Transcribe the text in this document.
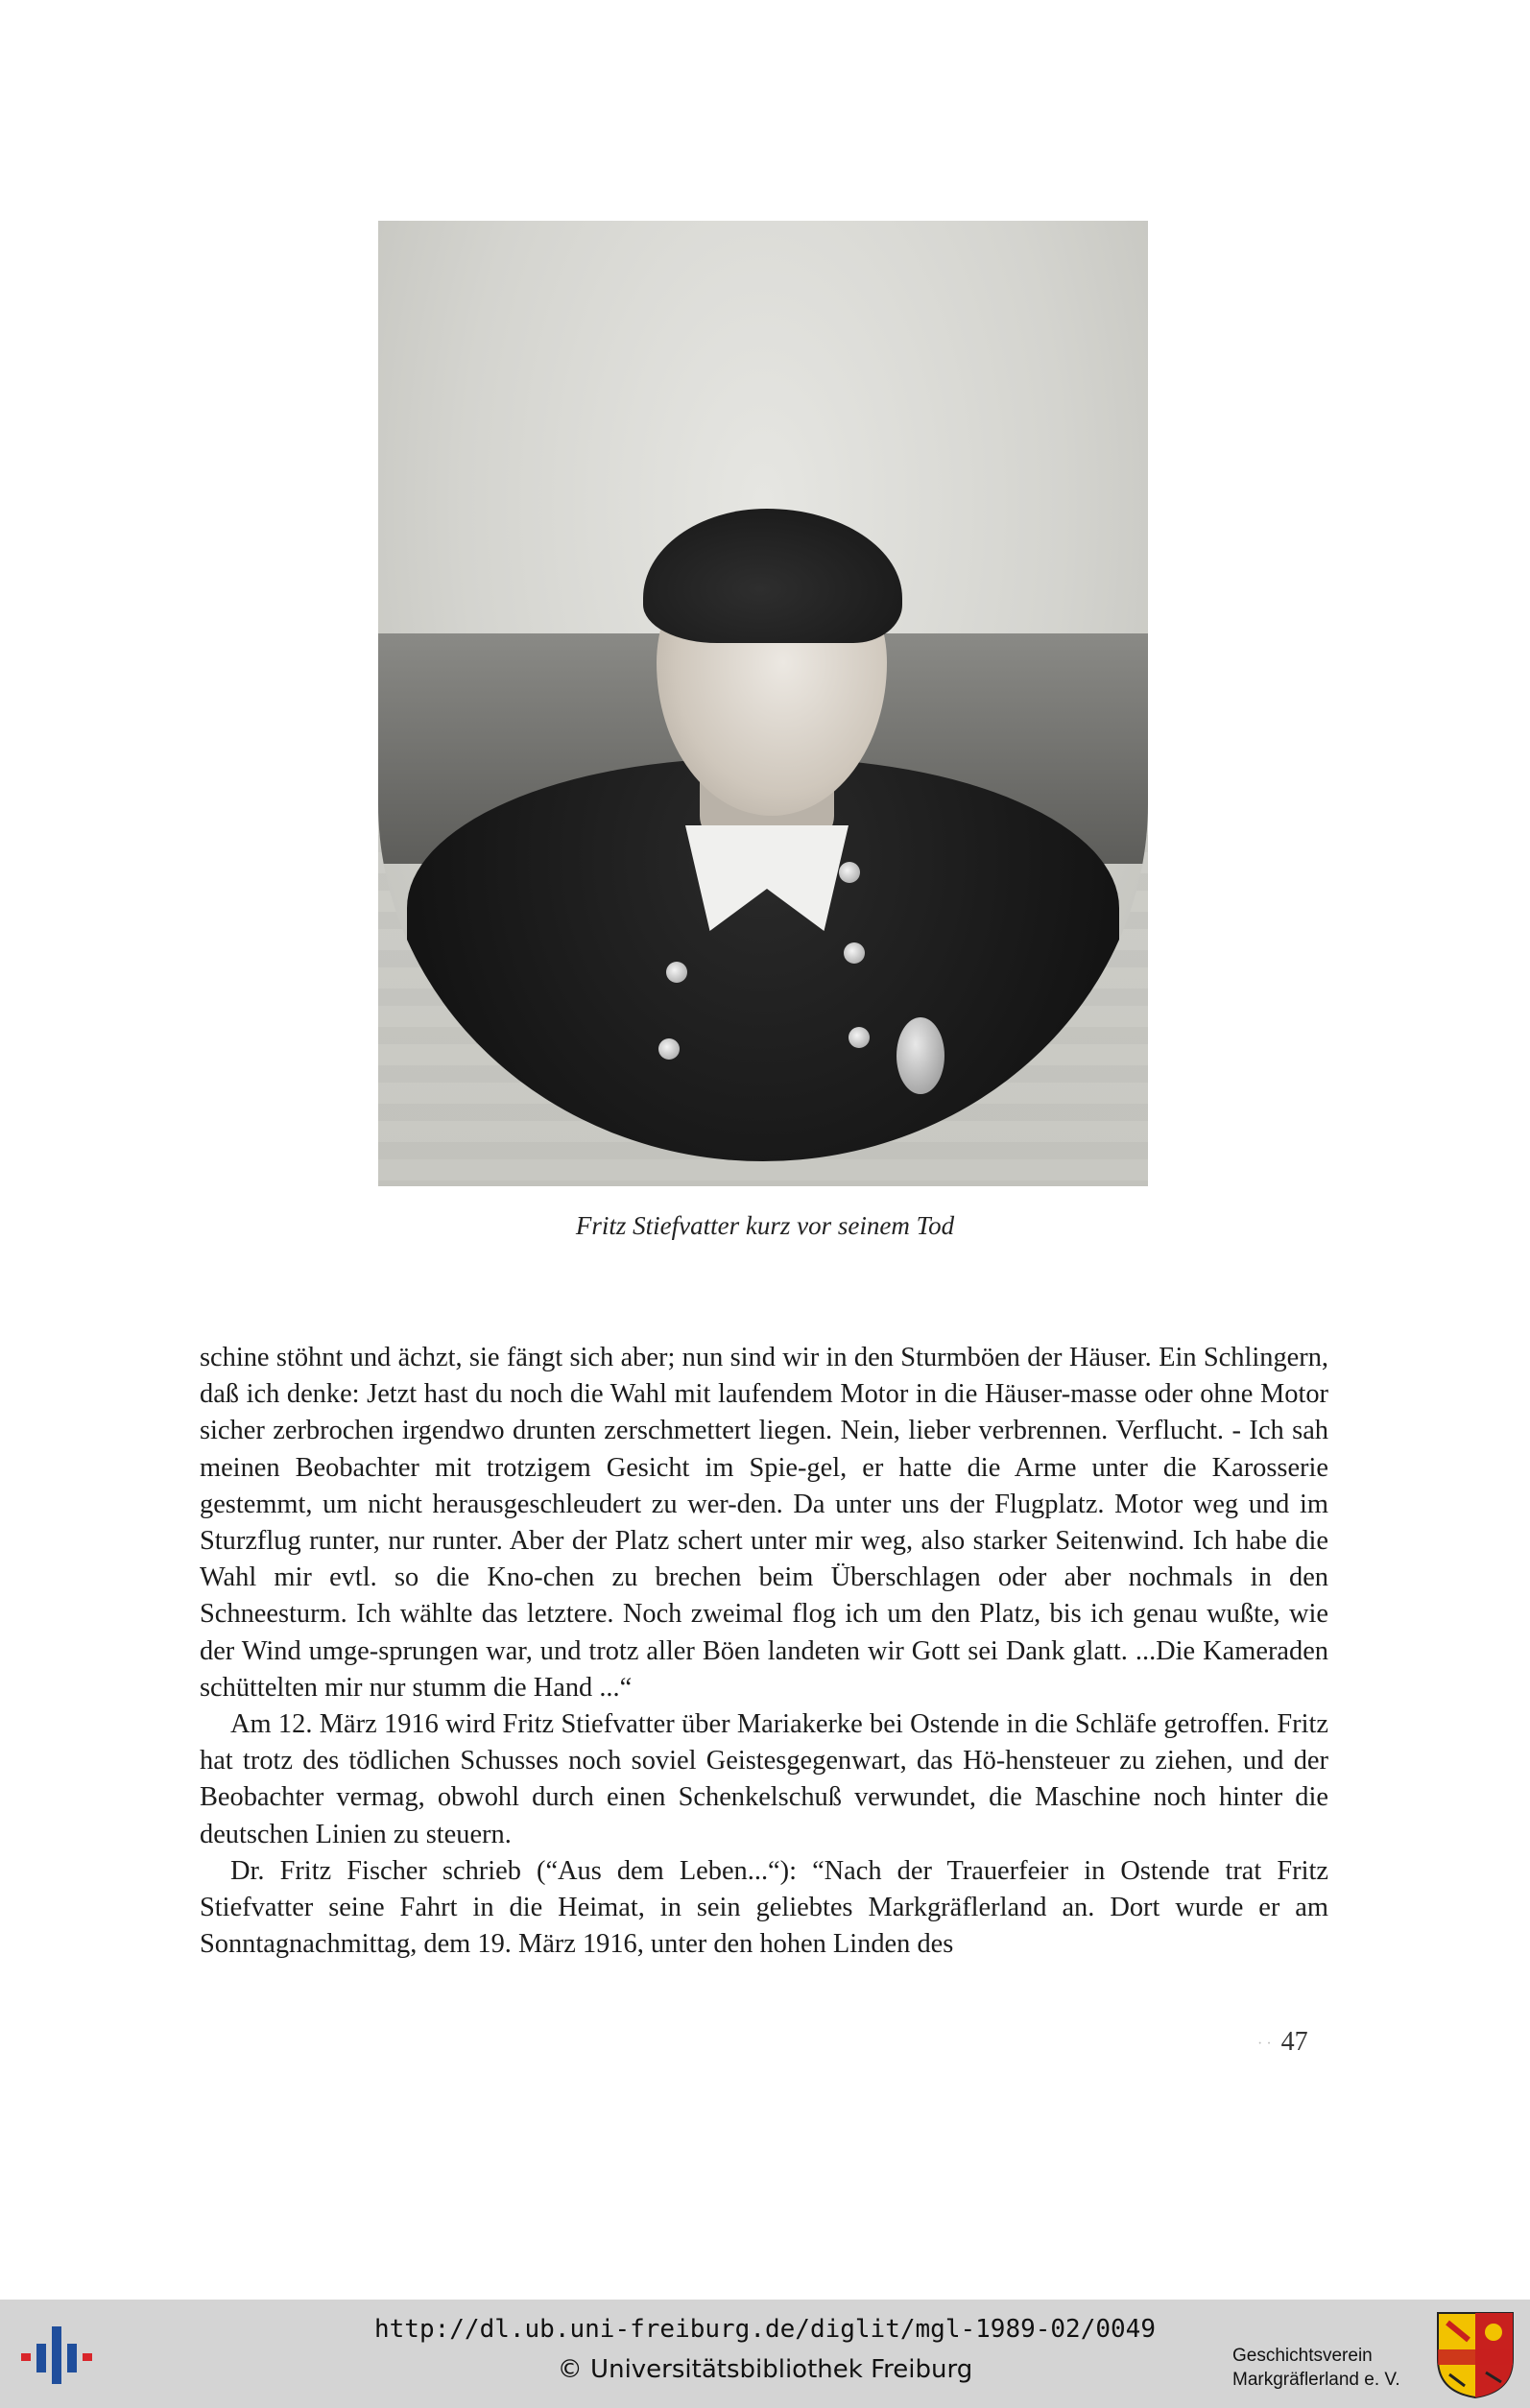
Fritz Stiefvatter kurz vor seinem Tod

schine stöhnt und ächzt, sie fängt sich aber; nun sind wir in den Sturmböen der Häuser. Ein Schlingern, daß ich denke: Jetzt hast du noch die Wahl mit laufendem Motor in die Häuser-masse oder ohne Motor sicher zerbrochen irgendwo drunten zerschmettert liegen. Nein, lieber verbrennen. Verflucht. - Ich sah meinen Beobachter mit trotzigem Gesicht im Spie-gel, er hatte die Arme unter die Karosserie gestemmt, um nicht herausgeschleudert zu wer-den. Da unter uns der Flugplatz. Motor weg und im Sturzflug runter, nur runter. Aber der Platz schert unter mir weg, also starker Seitenwind. Ich habe die Wahl mir evtl. so die Kno-chen zu brechen beim Überschlagen oder aber nochmals in den Schneesturm. Ich wählte das letztere. Noch zweimal flog ich um den Platz, bis ich genau wußte, wie der Wind umge-sprungen war, und trotz aller Böen landeten wir Gott sei Dank glatt. ...Die Kameraden schüttelten mir nur stumm die Hand ...“

Am 12. März 1916 wird Fritz Stiefvatter über Mariakerke bei Ostende in die Schläfe getroffen. Fritz hat trotz des tödlichen Schusses noch soviel Geistesgegenwart, das Hö-hensteuer zu ziehen, und der Beobachter vermag, obwohl durch einen Schenkelschuß verwundet, die Maschine noch hinter die deutschen Linien zu steuern.

Dr. Fritz Fischer schrieb (“Aus dem Leben...“): “Nach der Trauerfeier in Ostende trat Fritz Stiefvatter seine Fahrt in die Heimat, in sein geliebtes Markgräflerland an. Dort wurde er am Sonntagnachmittag, dem 19. März 1916, unter den hohen Linden des

· · 47
http://dl.ub.uni-freiburg.de/diglit/mgl-1989-02/0049
© Universitätsbibliothek Freiburg	Geschichtsverein
Markgräflerland e. V.
